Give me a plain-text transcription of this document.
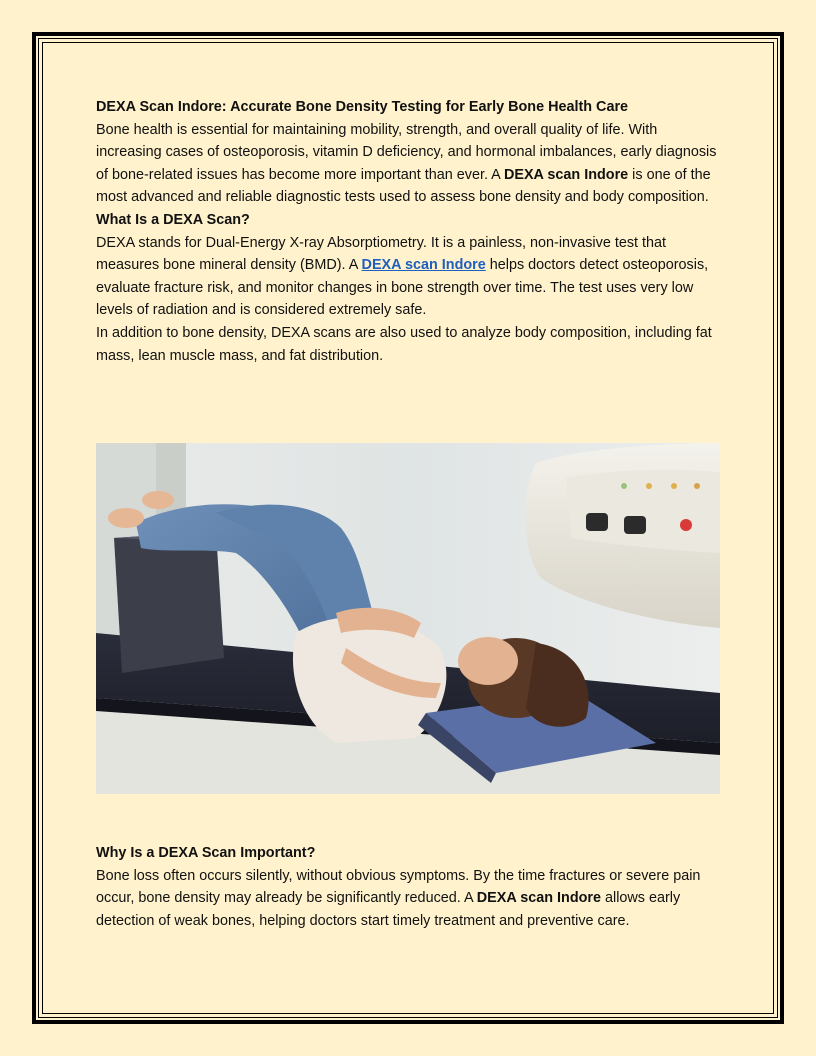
DEXA Scan Indore: Accurate Bone Density Testing for Early Bone Health Care

Bone health is essential for maintaining mobility, strength, and overall quality of life. With increasing cases of osteoporosis, vitamin D deficiency, and hormonal imbalances, early diagnosis of bone-related issues has become more important than ever. A DEXA scan Indore is one of the most advanced and reliable diagnostic tests used to assess bone density and body composition.

What Is a DEXA Scan?

DEXA stands for Dual-Energy X-ray Absorptiometry. It is a painless, non-invasive test that measures bone mineral density (BMD). A DEXA scan Indore helps doctors detect osteoporosis, evaluate fracture risk, and monitor changes in bone strength over time. The test uses very low levels of radiation and is considered extremely safe.

In addition to bone density, DEXA scans are also used to analyze body composition, including fat mass, lean muscle mass, and fat distribution.

Why Is a DEXA Scan Important?

Bone loss often occurs silently, without obvious symptoms. By the time fractures or severe pain occur, bone density may already be significantly reduced. A DEXA scan Indore allows early detection of weak bones, helping doctors start timely treatment and preventive care.
